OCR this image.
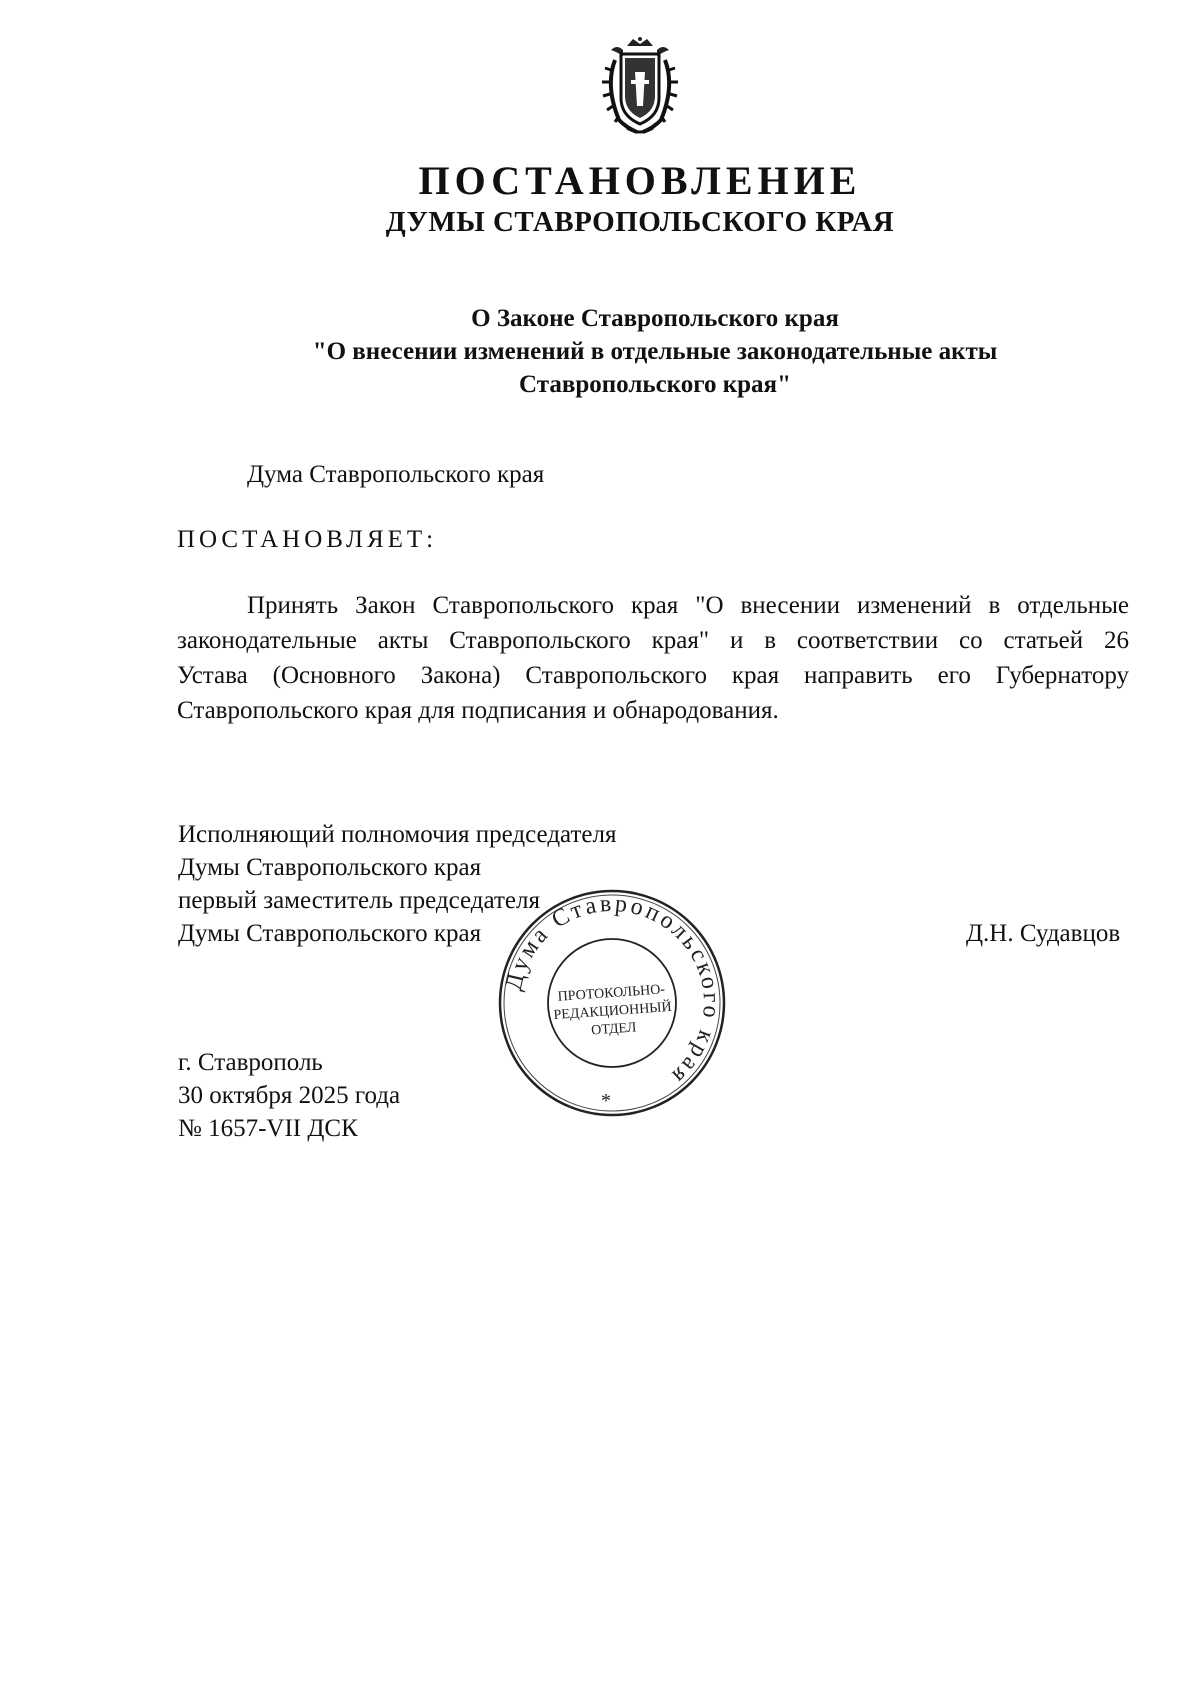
ПОСТАНОВЛЕНИЕ
ДУМЫ СТАВРОПОЛЬСКОГО КРАЯ
О Законе Ставропольского края
"О внесении изменений в отдельные законодательные акты
Ставропольского края"
Дума Ставропольского края
ПОСТАНОВЛЯЕТ:
Принять Закон Ставропольского края "О внесении изменений в отдельные
законодательные акты Ставропольского края" и в соответствии со статьей 26
Устава (Основного Закона) Ставропольского края направить его Губернатору
Ставропольского края для подписания и обнародования.
Исполняющий полномочия председателя
Думы Ставропольского края
первый заместитель председателя
Думы Ставропольского края	Д.Н. Судавцов
Дума Ставропольского края
ПРОТОКОЛЬНО-
РЕДАКЦИОННЫЙ
ОТДЕЛ
*
г. Ставрополь
30 октября 2025 года
№ 1657-VII ДСК
